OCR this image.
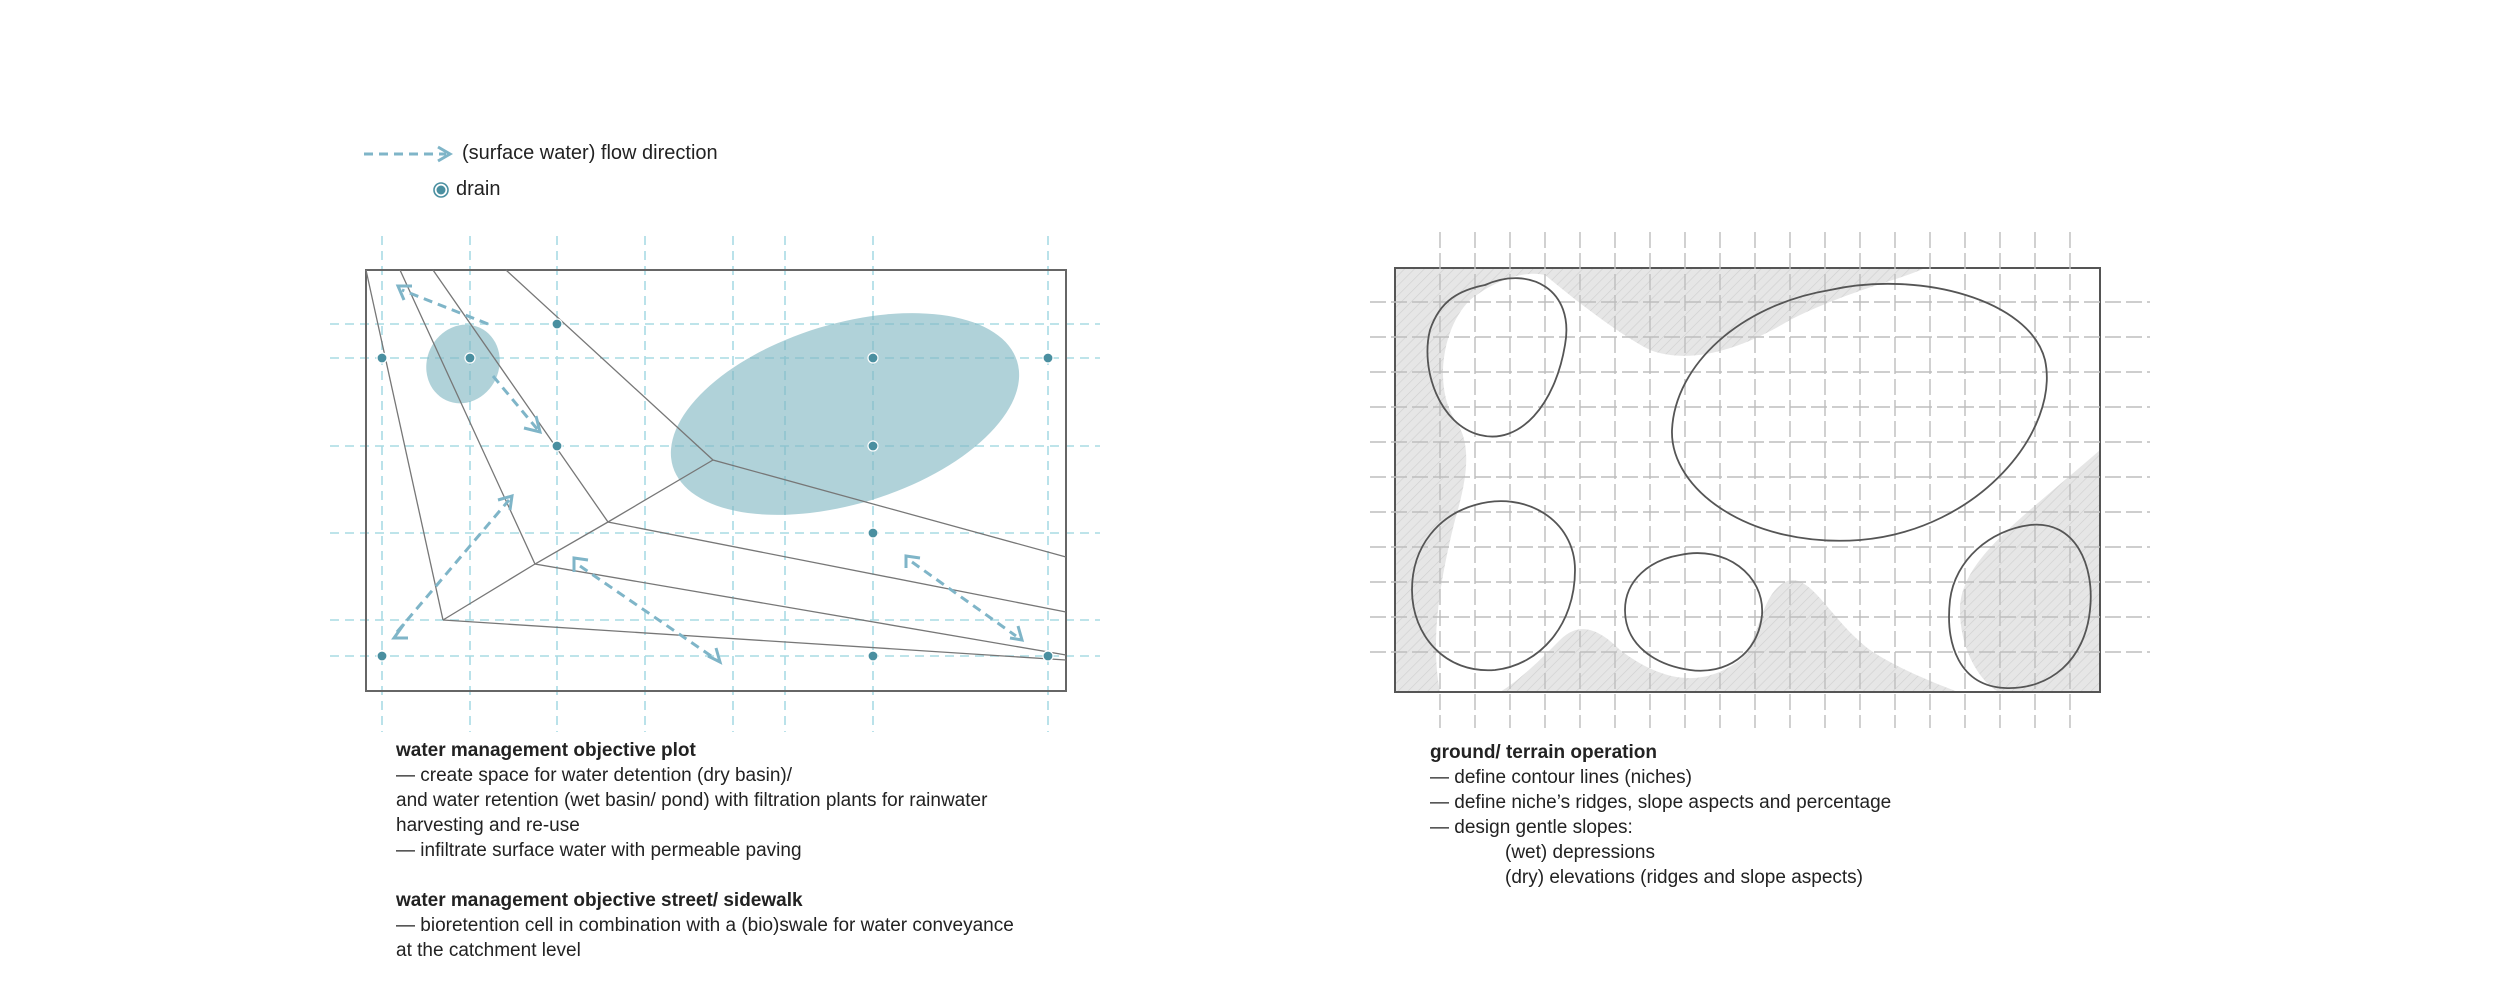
(surface water) flow direction
drain

water management objective plot

— create space for water detention (dry basin)/

and water retention (wet basin/ pond) with filtration plants for rainwater

harvesting and re-use

— infiltrate surface water with permeable paving

water management objective street/ sidewalk

— bioretention cell in combination with a (bio)swale for water conveyance

at the catchment level

ground/ terrain operation

— define contour lines (niches)

— define niche’s ridges, slope aspects and percentage

— design gentle slopes:

(wet) depressions

(dry) elevations (ridges and slope aspects)
